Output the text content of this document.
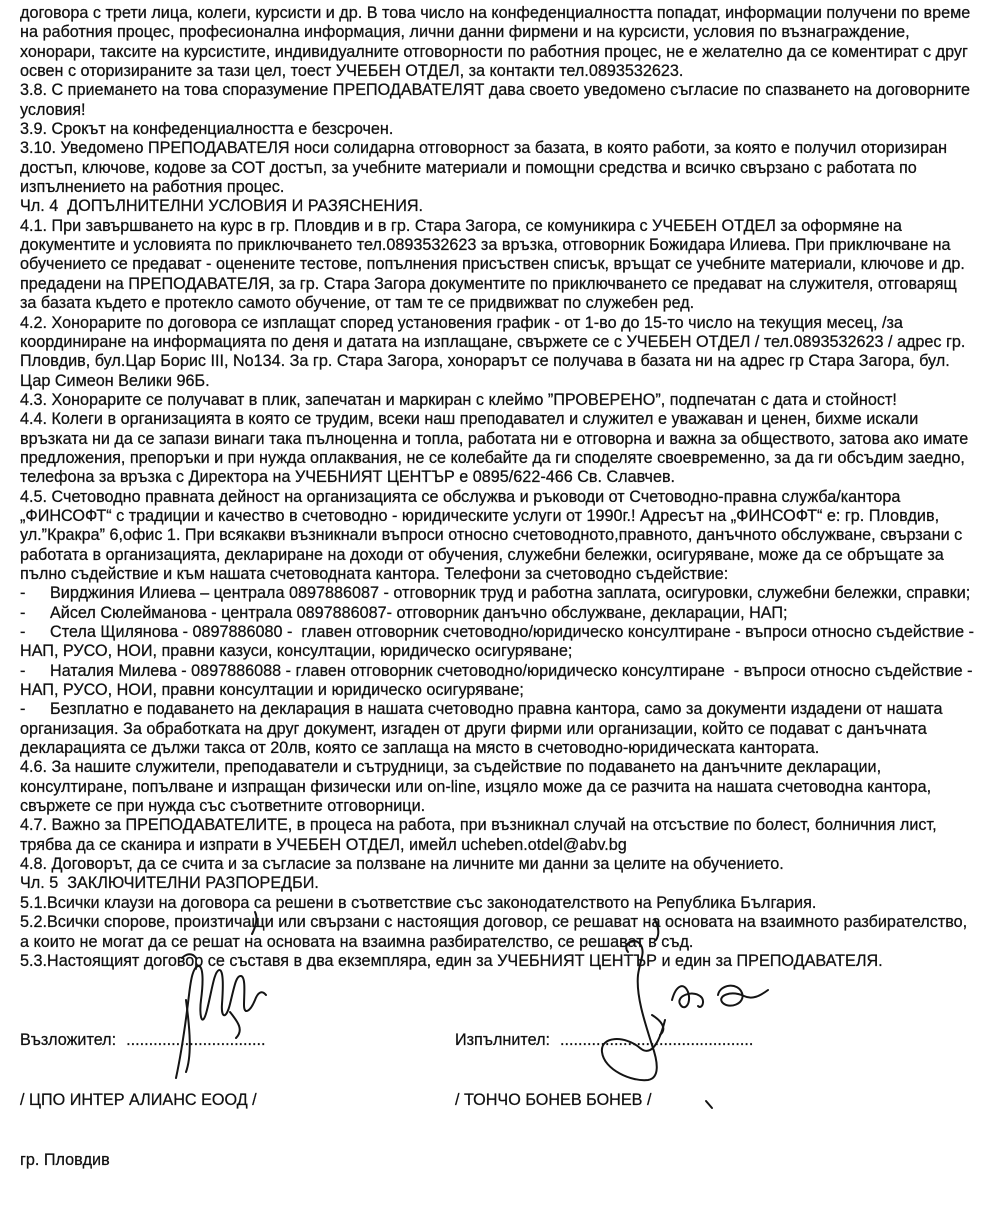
договора с трети лица, колеги, курсисти и др. В това число на конфеденциалността попадат, информации получени по време
на работния процес, професионална информация, лични данни фирмени и на курсисти, условия по възнаграждение,
хонорари, таксите на курсистите, индивидуалните отговорности по работния процес, не е желателно да се коментират с друг
освен с оторизираните за тази цел, тоест УЧЕБЕН ОТДЕЛ, за контакти тел.0893532623.
3.8. С приемането на това споразумение ПРЕПОДАВАТЕЛЯТ дава своето уведомено съгласие по спазването на договорните
условия!
3.9. Срокът на конфеденциалността е безсрочен.
3.10. Уведомено ПРЕПОДАВАТЕЛЯ носи солидарна отговорност за базата, в която работи, за която е получил оторизиран
достъп, ключове, кодове за СОТ достъп, за учебните материали и помощни средства и всичко свързано с работата по
изпълнението на работния процес.
Чл. 4  ДОПЪЛНИТЕЛНИ УСЛОВИЯ И РАЗЯСНЕНИЯ.
4.1. При завършването на курс в гр. Пловдив и в гр. Стара Загора, се комуникира с УЧЕБЕН ОТДЕЛ за оформяне на
документите и условията по приключването тел.0893532623 за връзка, отговорник Божидара Илиева. При приключване на
обучението се предават - оценените тестове, попълнения присъствен списък, връщат се учебните материали, ключове и др.
предадени на ПРЕПОДАВАТЕЛЯ, за гр. Стара Загора документите по приключването се предават на служителя, отговарящ
за базата където е протекло самото обучение, от там те се придвижват по служебен ред.
4.2. Хонорарите по договора се изплащат според установения график - от 1-во до 15-то число на текущия месец, /за
координиране на информацията по деня и датата на изплащане, свържете се с УЧЕБЕН ОТДЕЛ / тел.0893532623 / адрес гр.
Пловдив, бул.Цар Борис III, No134. За гр. Стара Загора, хонорарът се получава в базата ни на адрес гр Стара Загора, бул.
Цар Симеон Велики 96Б.
4.3. Хонорарите се получават в плик, запечатан и маркиран с клеймо ”ПРОВЕРЕНО”, подпечатан с дата и стойност!
4.4. Колеги в организацията в която се трудим, всеки наш преподавател и служител е уважаван и ценен, бихме искали
връзката ни да се запази винаги така пълноценна и топла, работата ни е отговорна и важна за обществото, затова ако имате
предложения, препоръки и при нужда оплаквания, не се колебайте да ги споделяте своевременно, за да ги обсъдим заедно,
телефона за връзка с Директора на УЧЕБНИЯТ ЦЕНТЪР е 0895/622-466 Св. Славчев.
4.5. Счетоводно правната дейност на организацията се обслужва и ръководи от Счетоводно-правна служба/кантора
„ФИНСОФТ“ с традиции и качество в счетоводно - юридическите услуги от 1990г.! Адресът на „ФИНСОФТ“ е: гр. Пловдив,
ул.”Кракра” 6,офис 1. При всякакви възникнали въпроси относно счетоводното,правното, данъчното обслужване, свързани с
работата в организацията, деклариране на доходи от обучения, служебни бележки, осигуряване, може да се обръщате за
пълно съдействие и към нашата счетоводната кантора. Телефони за счетоводно съдействие:
- Вирджиния Илиева – централа 0897886087 - отговорник труд и работна заплата, осигуровки, служебни бележки, справки;
- Айсел Сюлейманова - централа 0897886087- отговорник данъчно обслужване, декларации, НАП;
- Стела Щилянова - 0897886080 -  главен отговорник счетоводно/юридическо консултиране - въпроси относно съдействие -
НАП, РУСО, НОИ, правни казуси, консултации, юридическо осигуряване;
- Наталия Милева - 0897886088 - главен отговорник счетоводно/юридическо консултиране  - въпроси относно съдействие -
НАП, РУСО, НОИ, правни консултации и юридическо осигуряване;
- Безплатно е подаването на декларация в нашата счетоводно правна кантора, само за документи издадени от нашата
организация. За обработката на друг документ, изгаден от други фирми или организации, който се подават с данъчната
декларацията се дължи такса от 20лв, която се заплаща на място в счетоводно-юридическата кантората.
4.6. За нашите служители, преподаватели и сътрудници, за съдействие по подаването на данъчните декларации,
консултиране, попълване и изпращан физически или on-line, изцяло може да се разчита на нашата счетоводна кантора,
свържете се при нужда със съответните отговорници.
4.7. Важно за ПРЕПОДАВАТЕЛИТЕ, в процеса на работа, при възникнал случай на отсъствие по болест, болничния лист,
трябва да се сканира и изпрати в УЧЕБЕН ОТДЕЛ, имейл ucheben.otdel@abv.bg
4.8. Договорът, да се счита и за съгласие за ползване на личните ми данни за целите на обучението.
Чл. 5  ЗАКЛЮЧИТЕЛНИ РАЗПОРЕДБИ.
5.1.Всички клаузи на договора са решени в съответствие със законодателството на Република България.
5.2.Всички спорове, произтичащи или свързани с настоящия договор, се решават на основата на взаимното разбирателство,
а които не могат да се решат на основата на взаимна разбирателство, се решават в съд.
5.3.Настоящият договор се съставя в два екземпляра, един за УЧЕБНИЯТ ЦЕНТЪР и един за ПРЕПОДАВАТЕЛЯ.

Възложител: ...............................

/ ЦПО ИНТЕР АЛИАНС ЕООД /

гр. Пловдив

Изпълнител: ...........................................

/ ТОНЧО БОНЕВ БОНЕВ /
